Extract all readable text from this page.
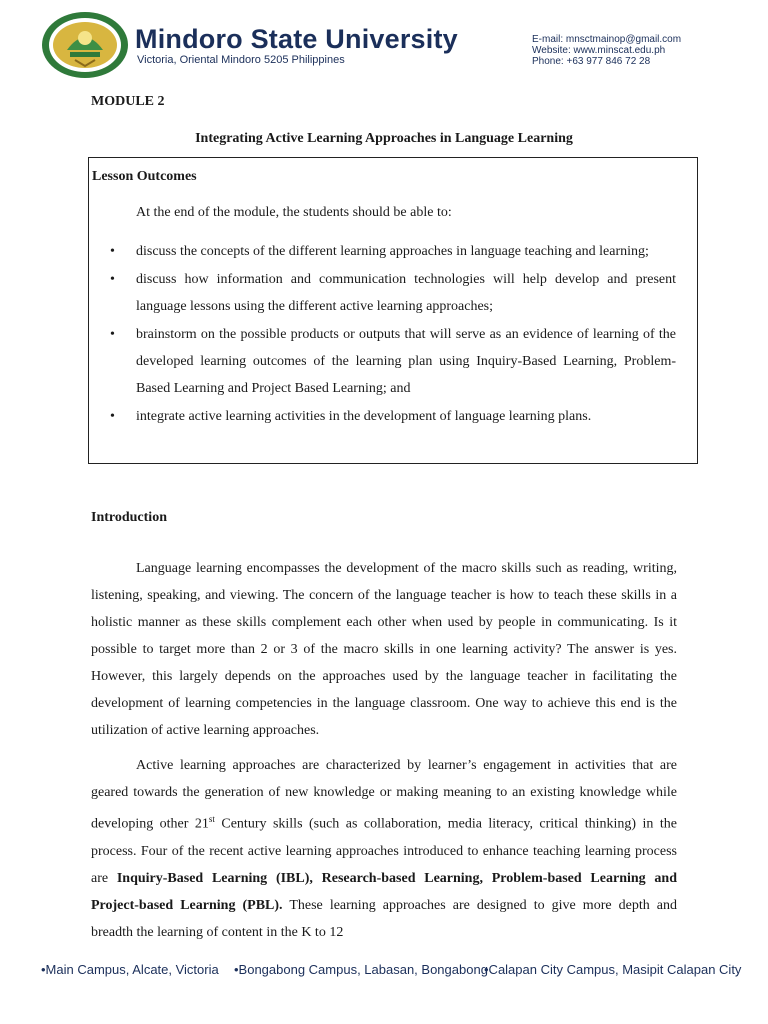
Mindoro State University
Victoria, Oriental Mindoro 5205 Philippines
E-mail: mnsctmainop@gmail.com
Website: www.minscat.edu.ph
Phone: +63 977 846 72 28
MODULE 2
Integrating Active Learning Approaches in Language Learning
Lesson Outcomes
At the end of the module, the students should be able to:
• discuss the concepts of the different learning approaches in language teaching and learning;
• discuss how information and communication technologies will help develop and present language lessons using the different active learning approaches;
• brainstorm on the possible products or outputs that will serve as an evidence of learning of the developed learning outcomes of the learning plan using Inquiry-Based Learning, Problem-Based Learning and Project Based Learning; and
• integrate active learning activities in the development of language learning plans.
Introduction

Language learning encompasses the development of the macro skills such as reading, writing, listening, speaking, and viewing. The concern of the language teacher is how to teach these skills in a holistic manner as these skills complement each other when used by people in communicating. Is it possible to target more than 2 or 3 of the macro skills in one learning activity? The answer is yes. However, this largely depends on the approaches used by the language teacher in facilitating the development of learning competencies in the language classroom. One way to achieve this end is the utilization of active learning approaches.

Active learning approaches are characterized by learner’s engagement in activities that are geared towards the generation of new knowledge or making meaning to an existing knowledge while developing other 21st Century skills (such as collaboration, media literacy, critical thinking) in the process. Four of the recent active learning approaches introduced to enhance teaching learning process are Inquiry-Based Learning (IBL), Research-based Learning, Problem-based Learning and Project-based Learning (PBL). These learning approaches are designed to give more depth and breadth the learning of content in the K to 12

•Main Campus, Alcate, Victoria •Bongabong Campus, Labasan, Bongabong
•Calapan City Campus, Masipit Calapan City
